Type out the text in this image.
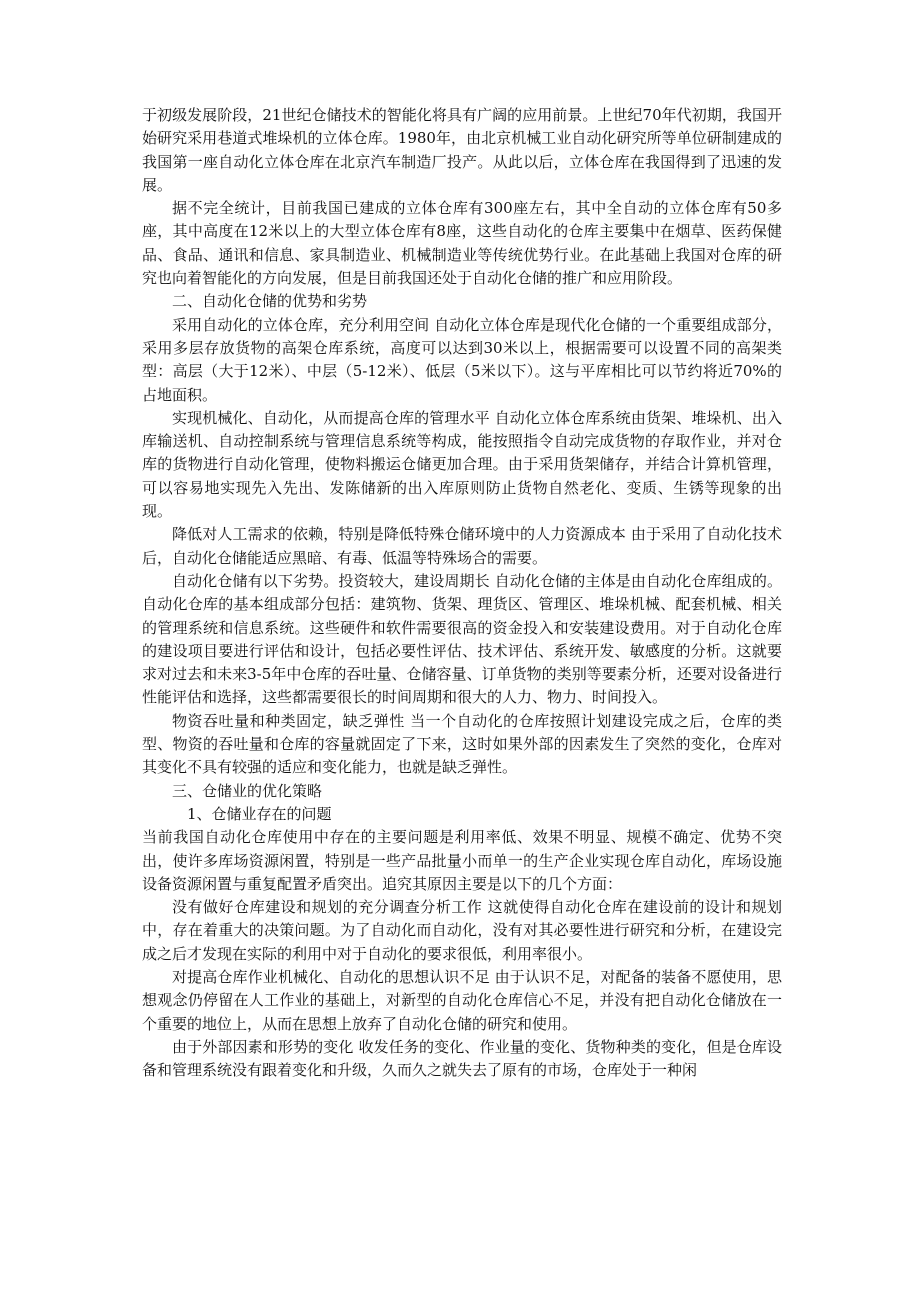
于初级发展阶段，21世纪仓储技术的智能化将具有广阔的应用前景。上世纪70年代初期，我国开始研究采用巷道式堆垛机的立体仓库。1980年，由北京机械工业自动化研究所等单位研制建成的我国第一座自动化立体仓库在北京汽车制造厂投产。从此以后，立体仓库在我国得到了迅速的发展。

据不完全统计，目前我国已建成的立体仓库有300座左右，其中全自动的立体仓库有50多座，其中高度在12米以上的大型立体仓库有8座，这些自动化的仓库主要集中在烟草、医药保健品、食品、通讯和信息、家具制造业、机械制造业等传统优势行业。在此基础上我国对仓库的研究也向着智能化的方向发展，但是目前我国还处于自动化仓储的推广和应用阶段。

二、自动化仓储的优势和劣势

采用自动化的立体仓库，充分利用空间 自动化立体仓库是现代化仓储的一个重要组成部分，采用多层存放货物的高架仓库系统，高度可以达到30米以上，根据需要可以设置不同的高架类型：高层（大于12米）、中层（5-12米）、低层（5米以下）。这与平库相比可以节约将近70%的占地面积。

实现机械化、自动化，从而提高仓库的管理水平 自动化立体仓库系统由货架、堆垛机、出入库输送机、自动控制系统与管理信息系统等构成，能按照指令自动完成货物的存取作业，并对仓库的货物进行自动化管理，使物料搬运仓储更加合理。由于采用货架储存，并结合计算机管理，可以容易地实现先入先出、发陈储新的出入库原则防止货物自然老化、变质、生锈等现象的出现。

降低对人工需求的依赖，特别是降低特殊仓储环境中的人力资源成本 由于采用了自动化技术后，自动化仓储能适应黑暗、有毒、低温等特殊场合的需要。

自动化仓储有以下劣势。投资较大，建设周期长 自动化仓储的主体是由自动化仓库组成的。自动化仓库的基本组成部分包括：建筑物、货架、理货区、管理区、堆垛机械、配套机械、相关的管理系统和信息系统。这些硬件和软件需要很高的资金投入和安装建设费用。对于自动化仓库的建设项目要进行评估和设计，包括必要性评估、技术评估、系统开发、敏感度的分析。这就要求对过去和未来3-5年中仓库的吞吐量、仓储容量、订单货物的类别等要素分析，还要对设备进行性能评估和选择，这些都需要很长的时间周期和很大的人力、物力、时间投入。

物资吞吐量和种类固定，缺乏弹性 当一个自动化的仓库按照计划建设完成之后，仓库的类型、物资的吞吐量和仓库的容量就固定了下来，这时如果外部的因素发生了突然的变化，仓库对其变化不具有较强的适应和变化能力，也就是缺乏弹性。

三、仓储业的优化策略

1、仓储业存在的问题

当前我国自动化仓库使用中存在的主要问题是利用率低、效果不明显、规模不确定、优势不突出，使许多库场资源闲置，特别是一些产品批量小而单一的生产企业实现仓库自动化，库场设施设备资源闲置与重复配置矛盾突出。追究其原因主要是以下的几个方面：

没有做好仓库建设和规划的充分调查分析工作 这就使得自动化仓库在建设前的设计和规划中，存在着重大的决策问题。为了自动化而自动化，没有对其必要性进行研究和分析，在建设完成之后才发现在实际的利用中对于自动化的要求很低，利用率很小。

对提高仓库作业机械化、自动化的思想认识不足 由于认识不足，对配备的装备不愿使用，思想观念仍停留在人工作业的基础上，对新型的自动化仓库信心不足，并没有把自动化仓储放在一个重要的地位上，从而在思想上放弃了自动化仓储的研究和使用。

由于外部因素和形势的变化 收发任务的变化、作业量的变化、货物种类的变化，但是仓库设备和管理系统没有跟着变化和升级，久而久之就失去了原有的市场，仓库处于一种闲
